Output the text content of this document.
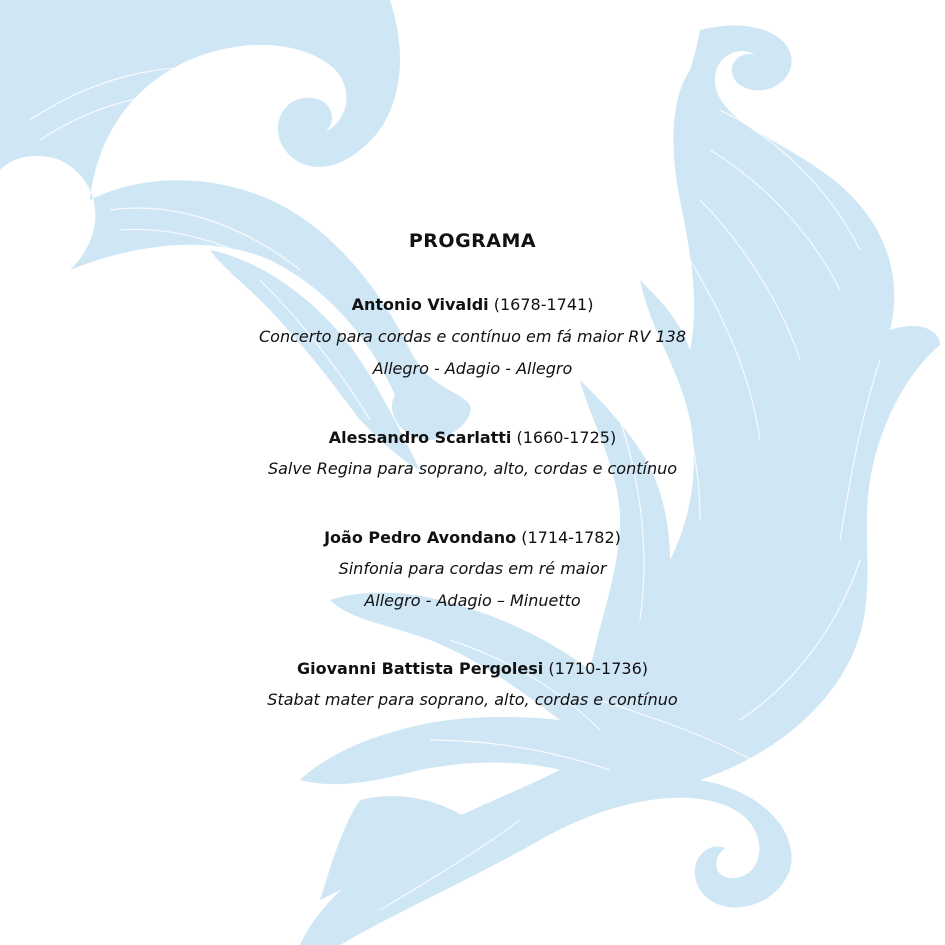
PROGRAMA
Antonio Vivaldi (1678-1741)
Concerto para cordas e contínuo em fá maior RV 138
Allegro - Adagio - Allegro
Alessandro Scarlatti (1660-1725)
Salve Regina para soprano, alto, cordas e contínuo
João Pedro Avondano (1714-1782)
Sinfonia para cordas em ré maior
Allegro - Adagio – Minuetto
Giovanni Battista Pergolesi (1710-1736)
Stabat mater para soprano, alto, cordas e contínuo
